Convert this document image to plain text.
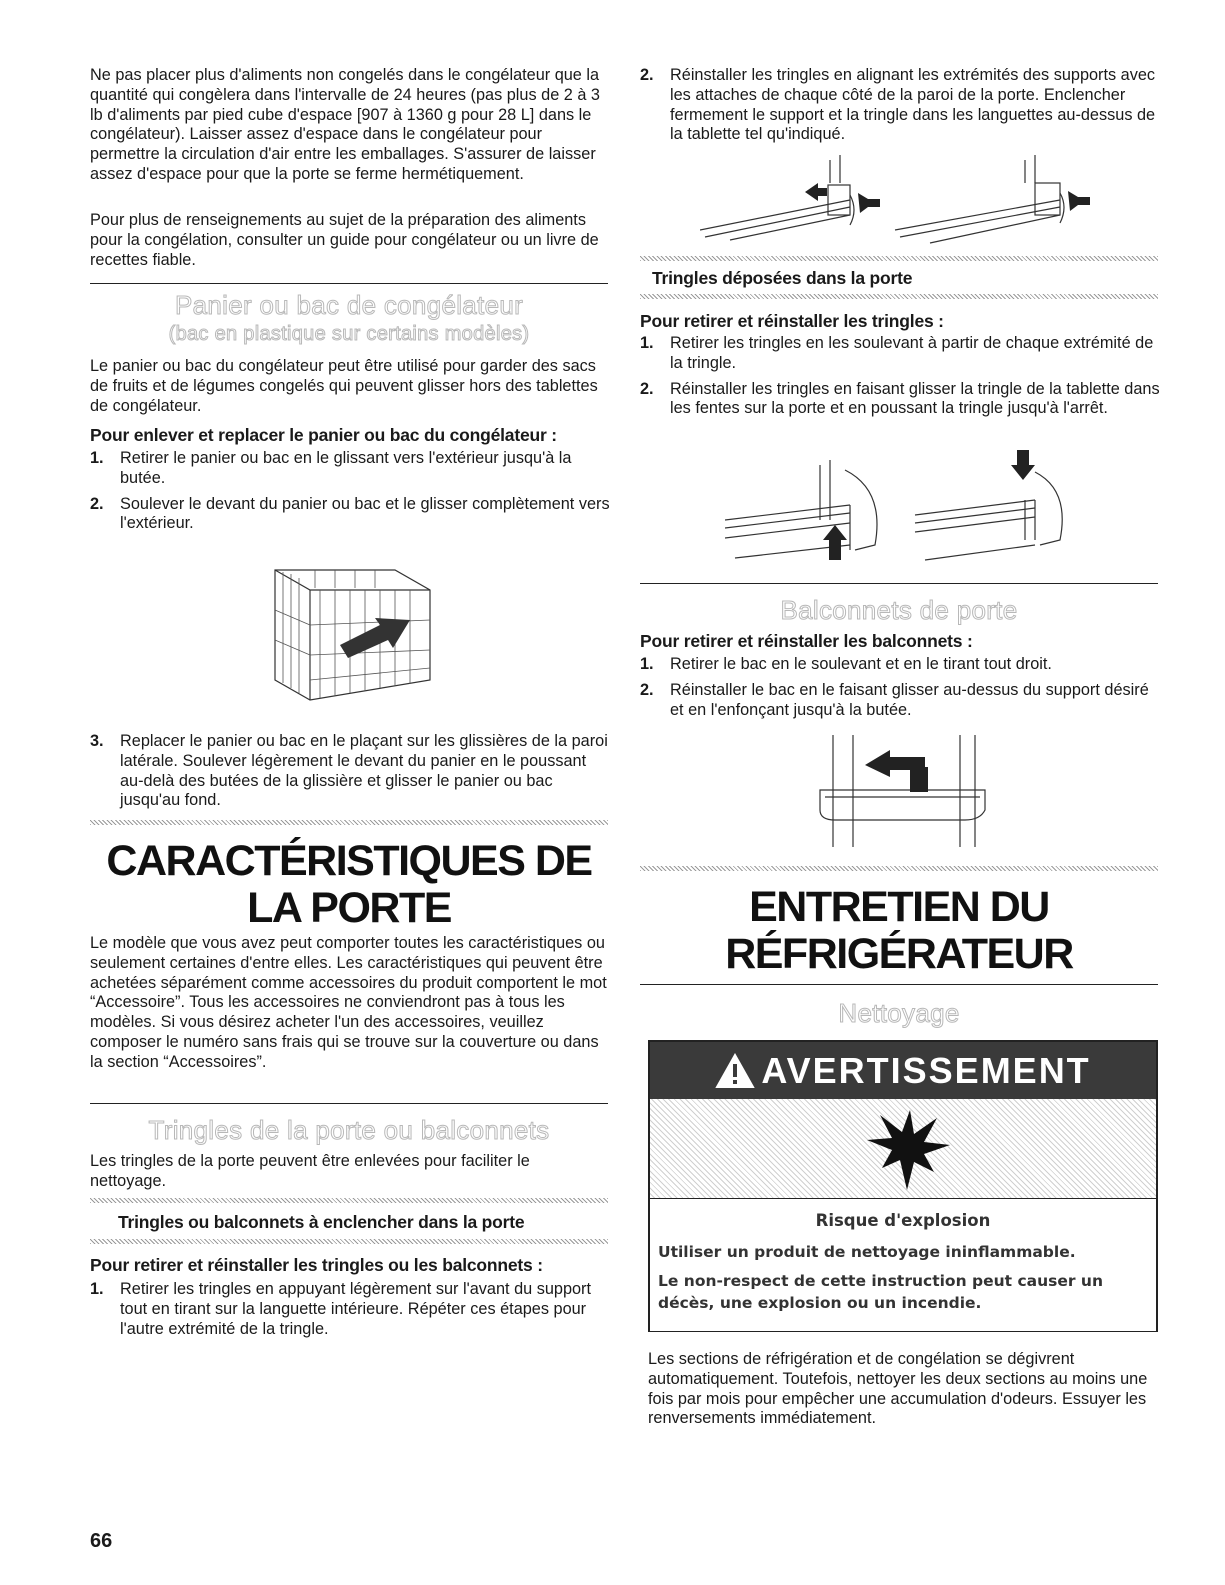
Ne pas placer plus d'aliments non congelés dans le congélateur que la quantité qui congèlera dans l'intervalle de 24 heures (pas plus de 2 à 3 lb d'aliments par pied cube d'espace [907 à 1360 g pour 28 L] dans le congélateur). Laisser assez d'espace dans le congélateur pour permettre la circulation d'air entre les emballages. S'assurer de laisser assez d'espace pour que la porte se ferme hermétiquement.

Pour plus de renseignements au sujet de la préparation des aliments pour la congélation, consulter un guide pour congélateur ou un livre de recettes fiable.

Panier ou bac de congélateur
(bac en plastique sur certains modèles)

Le panier ou bac du congélateur peut être utilisé pour garder des sacs de fruits et de légumes congelés qui peuvent glisser hors des tablettes de congélateur.

Pour enlever et replacer le panier ou bac du congélateur :

1. Retirer le panier ou bac en le glissant vers l'extérieur jusqu'à la butée.
2. Soulever le devant du panier ou bac et le glisser complètement vers l'extérieur.
3. Replacer le panier ou bac en le plaçant sur les glissières de la paroi latérale. Soulever légèrement le devant du panier en le poussant au-delà des butées de la glissière et glisser le panier ou bac jusqu'au fond.
CARACTÉRISTIQUES DE
LA PORTE

Le modèle que vous avez peut comporter toutes les caractéristiques ou seulement certaines d'entre elles. Les caractéristiques qui peuvent être achetées séparément comme accessoires du produit comportent le mot “Accessoire”. Tous les accessoires ne conviendront pas à tous les modèles. Si vous désirez acheter l'un des accessoires, veuillez composer le numéro sans frais qui se trouve sur la couverture ou dans la section “Accessoires”.

Tringles de la porte ou balconnets

Les tringles de la porte peuvent être enlevées pour faciliter le nettoyage.

Tringles ou balconnets à enclencher dans la porte

Pour retirer et réinstaller les tringles ou les balconnets :

1. Retirer les tringles en appuyant légèrement sur l'avant du support tout en tirant sur la languette intérieure. Répéter ces étapes pour l'autre extrémité de la tringle.
66
2. Réinstaller les tringles en alignant les extrémités des supports avec les attaches de chaque côté de la paroi de la porte. Enclencher fermement le support et la tringle dans les languettes au-dessus de la tablette tel qu'indiqué.

Tringles déposées dans la porte

Pour retirer et réinstaller les tringles :

1. Retirer les tringles en les soulevant à partir de chaque extrémité de la tringle.
2. Réinstaller les tringles en faisant glisser la tringle de la tablette dans les fentes sur la porte et en poussant la tringle jusqu'à l'arrêt.
Balconnets de porte

Pour retirer et réinstaller les balconnets :

1. Retirer le bac en le soulevant et en le tirant tout droit.
2. Réinstaller le bac en le faisant glisser au-dessus du support désiré et en l'enfonçant jusqu'à la butée.
ENTRETIEN DU
RÉFRIGÉRATEUR
Nettoyage
AVERTISSEMENT
Risque d'explosion
Utiliser un produit de nettoyage ininflammable.
Le non-respect de cette instruction peut causer un décès, une explosion ou un incendie.

Les sections de réfrigération et de congélation se dégivrent automatiquement. Toutefois, nettoyer les deux sections au moins une fois par mois pour empêcher une accumulation d'odeurs. Essuyer les renversements immédiatement.
